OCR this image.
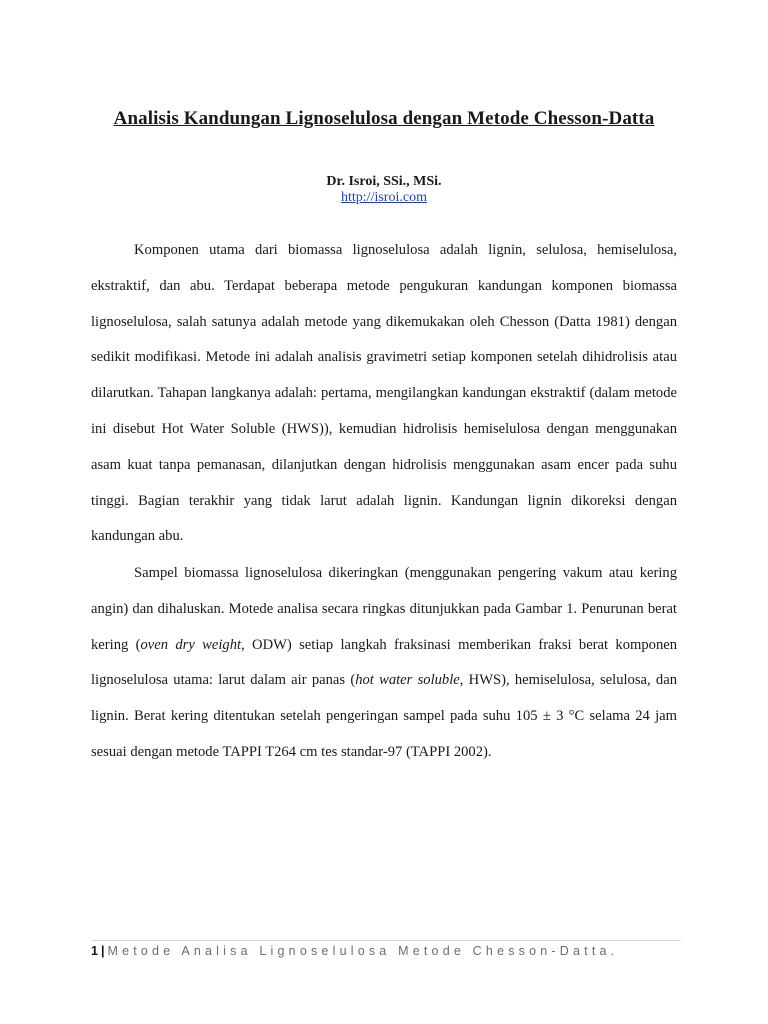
Analisis Kandungan Lignoselulosa dengan Metode Chesson-Datta
Dr. Isroi, SSi., MSi.
http://isroi.com

Komponen utama dari biomassa lignoselulosa adalah lignin, selulosa, hemiselulosa, ekstraktif, dan abu. Terdapat beberapa metode pengukuran kandungan komponen biomassa lignoselulosa, salah satunya adalah metode yang dikemukakan oleh Chesson (Datta 1981) dengan sedikit modifikasi. Metode ini adalah analisis gravimetri setiap komponen setelah dihidrolisis atau dilarutkan. Tahapan langkanya adalah: pertama, mengilangkan kandungan ekstraktif (dalam metode ini disebut Hot Water Soluble (HWS)), kemudian hidrolisis hemiselulosa dengan menggunakan asam kuat tanpa pemanasan, dilanjutkan dengan hidrolisis menggunakan asam encer pada suhu tinggi. Bagian terakhir yang tidak larut adalah lignin. Kandungan lignin dikoreksi dengan kandungan abu.

Sampel biomassa lignoselulosa dikeringkan (menggunakan pengering vakum atau kering angin) dan dihaluskan. Motede analisa secara ringkas ditunjukkan pada Gambar 1. Penurunan berat kering (oven dry weight, ODW) setiap langkah fraksinasi memberikan fraksi berat komponen lignoselulosa utama: larut dalam air panas (hot water soluble, HWS), hemiselulosa, selulosa, dan lignin. Berat kering ditentukan setelah pengeringan sampel pada suhu 105 ± 3 °C selama 24 jam sesuai dengan metode TAPPI T264 cm tes standar-97 (TAPPI 2002).

1 | Metode Analisa Lignoselulosa Metode Chesson-Datta.
